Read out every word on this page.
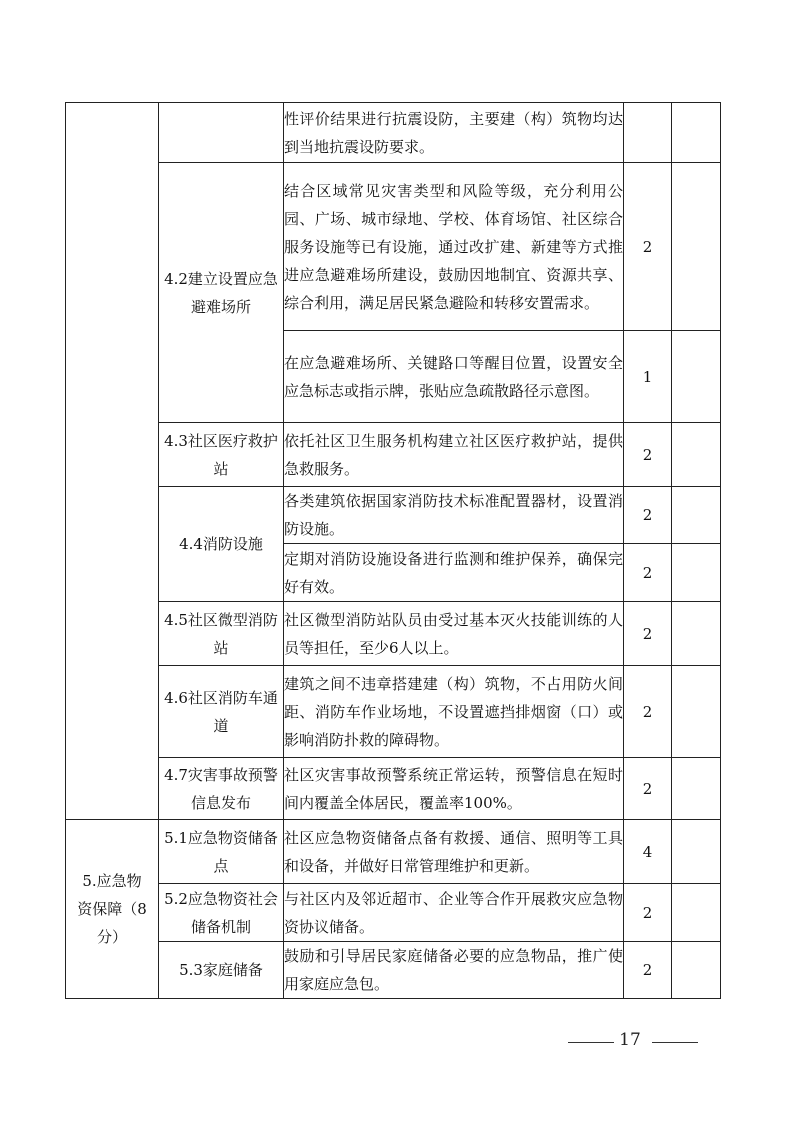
		性评价结果进行抗震设防，主要建（构）筑物均达到当地抗震设防要求。		
	4.2建立设置应急避难场所	结合区域常见灾害类型和风险等级，充分利用公园、广场、城市绿地、学校、体育场馆、社区综合服务设施等已有设施，通过改扩建、新建等方式推进应急避难场所建设，鼓励因地制宜、资源共享、综合利用，满足居民紧急避险和转移安置需求。	2	
		在应急避难场所、关键路口等醒目位置，设置安全应急标志或指示牌，张贴应急疏散路径示意图。	1	
	4.3社区医疗救护站	依托社区卫生服务机构建立社区医疗救护站，提供急救服务。	2	
	4.4消防设施	各类建筑依据国家消防技术标准配置器材，设置消防设施。	2	
		定期对消防设施设备进行监测和维护保养，确保完好有效。	2	
	4.5社区微型消防站	社区微型消防站队员由受过基本灭火技能训练的人员等担任，至少6人以上。	2	
	4.6社区消防车通道	建筑之间不违章搭建建（构）筑物，不占用防火间距、消防车作业场地，不设置遮挡排烟窗（口）或影响消防扑救的障碍物。	2	
	4.7灾害事故预警信息发布	社区灾害事故预警系统正常运转，预警信息在短时间内覆盖全体居民，覆盖率100%。	2	
5.应急物资保障（8分）	5.1应急物资储备点	社区应急物资储备点备有救援、通信、照明等工具和设备，并做好日常管理维护和更新。	4	
	5.2应急物资社会储备机制	与社区内及邻近超市、企业等合作开展救灾应急物资协议储备。	2	
	5.3家庭储备	鼓励和引导居民家庭储备必要的应急物品，推广使用家庭应急包。	2	
17
